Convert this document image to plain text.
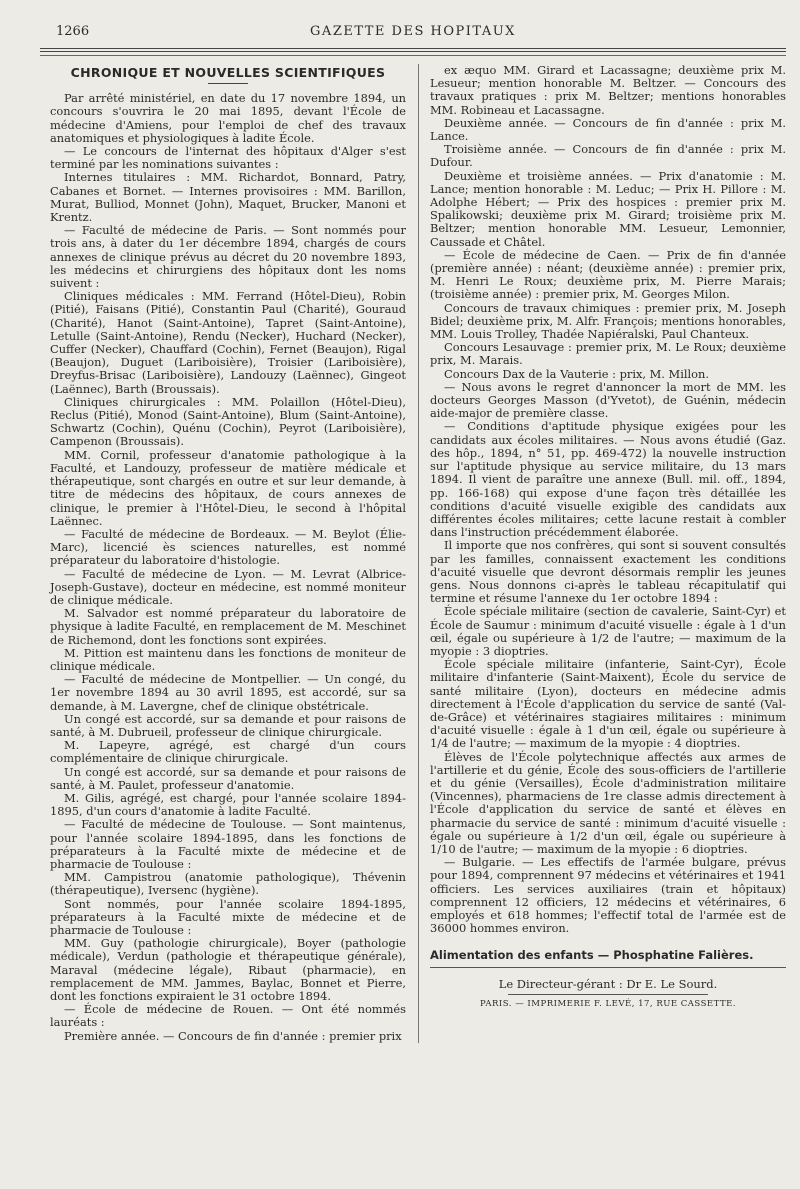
1266	GAZETTE DES HOPITAUX
CHRONIQUE ET NOUVELLES SCIENTIFIQUES

Par arrêté ministériel, en date du 17 novembre 1894, un concours s'ouvrira le 20 mai 1895, devant l'École de médecine d'Amiens, pour l'emploi de chef des travaux anatomiques et physiologiques à ladite École.

— Le concours de l'internat des hôpitaux d'Alger s'est terminé par les nominations suivantes :

Internes titulaires : MM. Richardot, Bonnard, Patry, Cabanes et Bornet. — Internes provisoires : MM. Barillon, Murat, Bulliod, Monnet (John), Maquet, Brucker, Manoni et Krentz.

— Faculté de médecine de Paris. — Sont nommés pour trois ans, à dater du 1er décembre 1894, chargés de cours annexes de clinique prévus au décret du 20 novembre 1893, les médecins et chirurgiens des hôpitaux dont les noms suivent :

Cliniques médicales : MM. Ferrand (Hôtel-Dieu), Robin (Pitié), Faisans (Pitié), Constantin Paul (Charité), Gouraud (Charité), Hanot (Saint-Antoine), Tapret (Saint-Antoine), Letulle (Saint-Antoine), Rendu (Necker), Huchard (Necker), Cuffer (Necker), Chauffard (Cochin), Fernet (Beaujon), Rigal (Beaujon), Duguet (Lariboisière), Troisier (Lariboisière), Dreyfus-Brisac (Lariboisière), Landouzy (Laënnec), Gingeot (Laënnec), Barth (Broussais).

Cliniques chirurgicales : MM. Polaillon (Hôtel-Dieu), Reclus (Pitié), Monod (Saint-Antoine), Blum (Saint-Antoine), Schwartz (Cochin), Quénu (Cochin), Peyrot (Lariboisière), Campenon (Broussais).

MM. Cornil, professeur d'anatomie pathologique à la Faculté, et Landouzy, professeur de matière médicale et thérapeutique, sont chargés en outre et sur leur demande, à titre de médecins des hôpitaux, de cours annexes de clinique, le premier à l'Hôtel-Dieu, le second à l'hôpital Laënnec.

— Faculté de médecine de Bordeaux. — M. Beylot (Élie-Marc), licencié ès sciences naturelles, est nommé préparateur du laboratoire d'histologie.

— Faculté de médecine de Lyon. — M. Levrat (Albrice-Joseph-Gustave), docteur en médecine, est nommé moniteur de clinique médicale.

M. Salvador est nommé préparateur du laboratoire de physique à ladite Faculté, en remplacement de M. Meschinet de Richemond, dont les fonctions sont expirées.

M. Pittion est maintenu dans les fonctions de moniteur de clinique médicale.

— Faculté de médecine de Montpellier. — Un congé, du 1er novembre 1894 au 30 avril 1895, est accordé, sur sa demande, à M. Lavergne, chef de clinique obstétricale.

Un congé est accordé, sur sa demande et pour raisons de santé, à M. Dubrueil, professeur de clinique chirurgicale.

M. Lapeyre, agrégé, est chargé d'un cours complémentaire de clinique chirurgicale.

Un congé est accordé, sur sa demande et pour raisons de santé, à M. Paulet, professeur d'anatomie.

M. Gilis, agrégé, est chargé, pour l'année scolaire 1894-1895, d'un cours d'anatomie à ladite Faculté.

— Faculté de médecine de Toulouse. — Sont maintenus, pour l'année scolaire 1894-1895, dans les fonctions de préparateurs à la Faculté mixte de médecine et de pharmacie de Toulouse :

MM. Campistrou (anatomie pathologique), Thévenin (thérapeutique), Iversenc (hygiène).

Sont nommés, pour l'année scolaire 1894-1895, préparateurs à la Faculté mixte de médecine et de pharmacie de Toulouse :

MM. Guy (pathologie chirurgicale), Boyer (pathologie médicale), Verdun (pathologie et thérapeutique générale), Maraval (médecine légale), Ribaut (pharmacie), en remplacement de MM. Jammes, Baylac, Bonnet et Pierre, dont les fonctions expiraient le 31 octobre 1894.

— École de médecine de Rouen. — Ont été nommés lauréats :

Première année. — Concours de fin d'année : premier prix

ex æquo MM. Girard et Lacassagne; deuxième prix M. Lesueur; mention honorable M. Beltzer. — Concours des travaux pratiques : prix M. Beltzer; mentions honorables MM. Robineau et Lacassagne.

Deuxième année. — Concours de fin d'année : prix M. Lance.

Troisième année. — Concours de fin d'année : prix M. Dufour.

Deuxième et troisième années. — Prix d'anatomie : M. Lance; mention honorable : M. Leduc; — Prix H. Pillore : M. Adolphe Hébert; — Prix des hospices : premier prix M. Spalikowski; deuxième prix M. Girard; troisième prix M. Beltzer; mention honorable MM. Lesueur, Lemonnier, Caussade et Châtel.

— École de médecine de Caen. — Prix de fin d'année (première année) : néant; (deuxième année) : premier prix, M. Henri Le Roux; deuxième prix, M. Pierre Marais; (troisième année) : premier prix, M. Georges Milon.

Concours de travaux chimiques : premier prix, M. Joseph Bidel; deuxième prix, M. Alfr. François; mentions honorables, MM. Louis Trolley, Thadée Napiéralski, Paul Chanteux.

Concours Lesauvage : premier prix, M. Le Roux; deuxième prix, M. Marais.

Concours Dax de la Vauterie : prix, M. Millon.

— Nous avons le regret d'annoncer la mort de MM. les docteurs Georges Masson (d'Yvetot), de Guénin, médecin aide-major de première classe.

— Conditions d'aptitude physique exigées pour les candidats aux écoles militaires. — Nous avons étudié (Gaz. des hôp., 1894, n° 51, pp. 469-472) la nouvelle instruction sur l'aptitude physique au service militaire, du 13 mars 1894. Il vient de paraître une annexe (Bull. mil. off., 1894, pp. 166-168) qui expose d'une façon très détaillée les conditions d'acuité visuelle exigible des candidats aux différentes écoles militaires; cette lacune restait à combler dans l'instruction précédemment élaborée.

Il importe que nos confrères, qui sont si souvent consultés par les familles, connaissent exactement les conditions d'acuité visuelle que devront désormais remplir les jeunes gens. Nous donnons ci-après le tableau récapitulatif qui termine et résume l'annexe du 1er octobre 1894 :

École spéciale militaire (section de cavalerie, Saint-Cyr) et École de Saumur : minimum d'acuité visuelle : égale à 1 d'un œil, égale ou supérieure à 1/2 de l'autre; — maximum de la myopie : 3 dioptries.

École spéciale militaire (infanterie, Saint-Cyr), École militaire d'infanterie (Saint-Maixent), École du service de santé militaire (Lyon), docteurs en médecine admis directement à l'École d'application du service de santé (Val-de-Grâce) et vétérinaires stagiaires militaires : minimum d'acuité visuelle : égale à 1 d'un œil, égale ou supérieure à 1/4 de l'autre; — maximum de la myopie : 4 dioptries.

Élèves de l'École polytechnique affectés aux armes de l'artillerie et du génie, École des sous-officiers de l'artillerie et du génie (Versailles), École d'administration militaire (Vincennes), pharmaciens de 1re classe admis directement à l'École d'application du service de santé et élèves en pharmacie du service de santé : minimum d'acuité visuelle : égale ou supérieure à 1/2 d'un œil, égale ou supérieure à 1/10 de l'autre; — maximum de la myopie : 6 dioptries.

— Bulgarie. — Les effectifs de l'armée bulgare, prévus pour 1894, comprennent 97 médecins et vétérinaires et 1941 officiers. Les services auxiliaires (train et hôpitaux) comprennent 12 officiers, 12 médecins et vétérinaires, 6 employés et 618 hommes; l'effectif total de l'armée est de 36000 hommes environ.

Alimentation des enfants — Phosphatine Falières.
Le Directeur-gérant : Dr E. Le Sourd.
PARIS. — IMPRIMERIE F. LEVÉ, 17, RUE CASSETTE.
